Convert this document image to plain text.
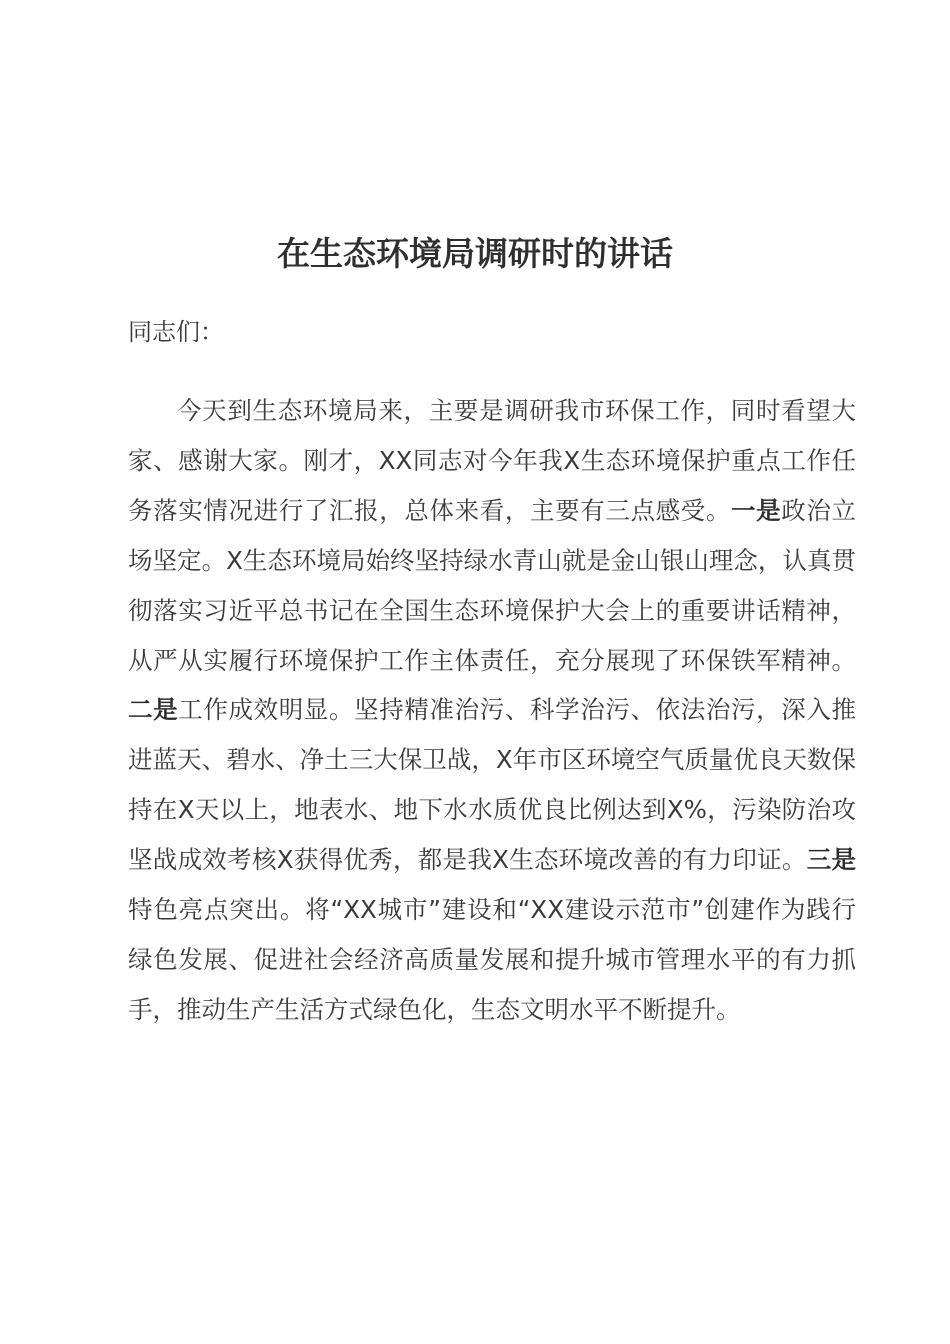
在生态环境局调研时的讲话
同志们：

今天到生态环境局来，主要是调研我市环保工作，同时看望大家、感谢大家。刚才，XX同志对今年我X生态环境保护重点工作任务落实情况进行了汇报，总体来看，主要有三点感受。一是政治立场坚定。X生态环境局始终坚持绿水青山就是金山银山理念，认真贯彻落实习近平总书记在全国生态环境保护大会上的重要讲话精神，从严从实履行环境保护工作主体责任，充分展现了环保铁军精神。二是工作成效明显。坚持精准治污、科学治污、依法治污，深入推进蓝天、碧水、净土三大保卫战，X年市区环境空气质量优良天数保持在X天以上，地表水、地下水水质优良比例达到X%，污染防治攻坚战成效考核X获得优秀，都是我X生态环境改善的有力印证。三是特色亮点突出。将“XX城市”建设和“XX建设示范市”创建作为践行绿色发展、促进社会经济高质量发展和提升城市管理水平的有力抓手，推动生产生活方式绿色化，生态文明水平不断提升。
